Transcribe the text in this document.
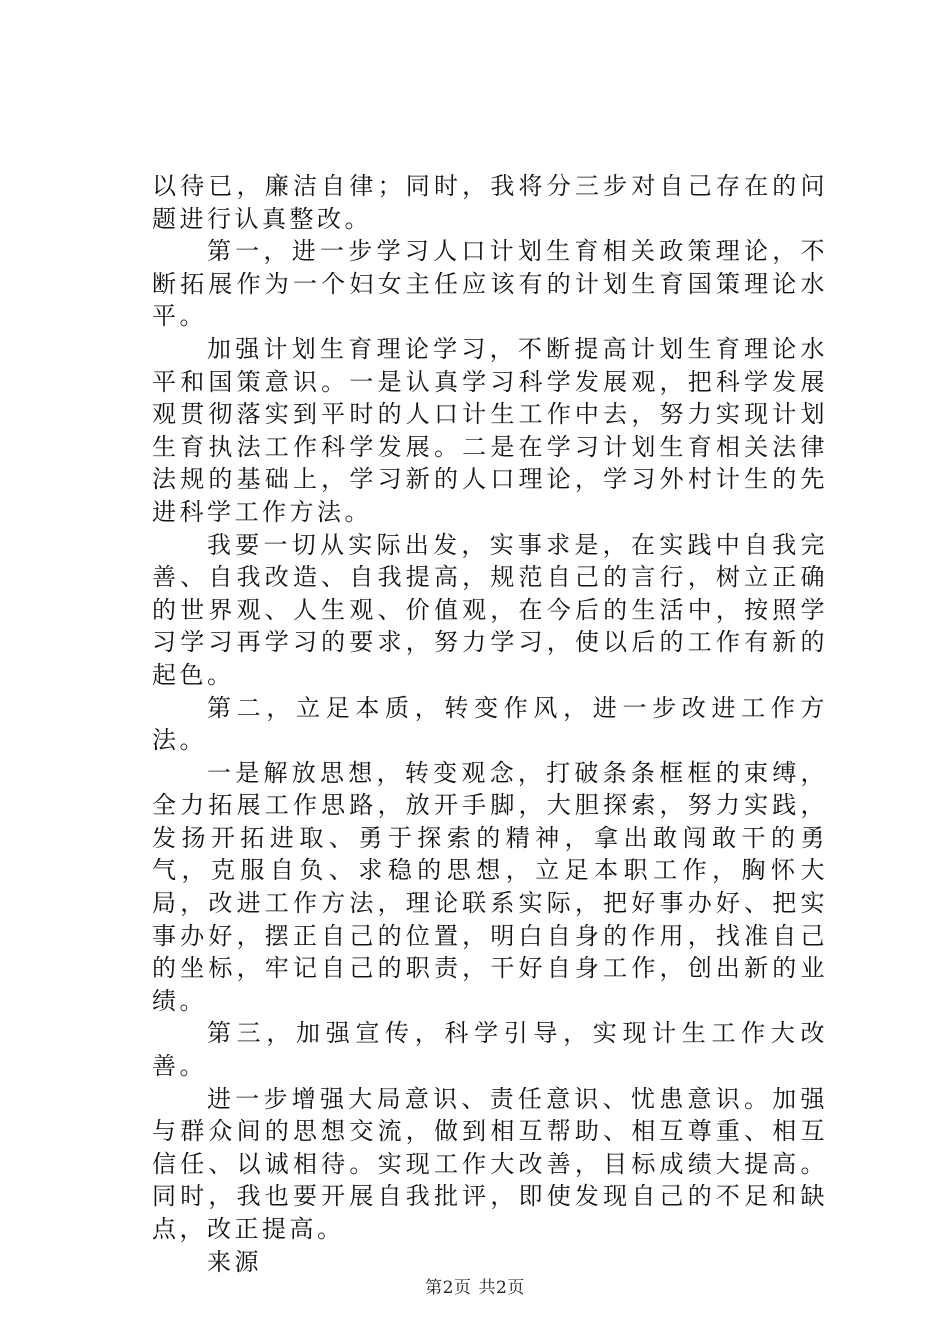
以待已，廉洁自律；同时，我将分三步对自己存在的问题进行认真整改。

第一，进一步学习人口计划生育相关政策理论，不断拓展作为一个妇女主任应该有的计划生育国策理论水平。

加强计划生育理论学习，不断提高计划生育理论水平和国策意识。一是认真学习科学发展观，把科学发展观贯彻落实到平时的人口计生工作中去，努力实现计划生育执法工作科学发展。二是在学习计划生育相关法律法规的基础上，学习新的人口理论，学习外村计生的先进科学工作方法。

我要一切从实际出发，实事求是，在实践中自我完善、自我改造、自我提高，规范自己的言行，树立正确的世界观、人生观、价值观，在今后的生活中，按照学习学习再学习的要求，努力学习，使以后的工作有新的起色。

第二，立足本质，转变作风，进一步改进工作方法。

一是解放思想，转变观念，打破条条框框的束缚，全力拓展工作思路，放开手脚，大胆探索，努力实践，发扬开拓进取、勇于探索的精神，拿出敢闯敢干的勇气，克服自负、求稳的思想，立足本职工作，胸怀大局，改进工作方法，理论联系实际，把好事办好、把实事办好，摆正自己的位置，明白自身的作用，找准自己的坐标，牢记自己的职责，干好自身工作，创出新的业绩。

第三，加强宣传，科学引导，实现计生工作大改善。

进一步增强大局意识、责任意识、忧患意识。加强与群众间的思想交流，做到相互帮助、相互尊重、相互信任、以诚相待。实现工作大改善，目标成绩大提高。同时，我也要开展自我批评，即使发现自己的不足和缺点，改正提高。

来源

第2页 共2页
